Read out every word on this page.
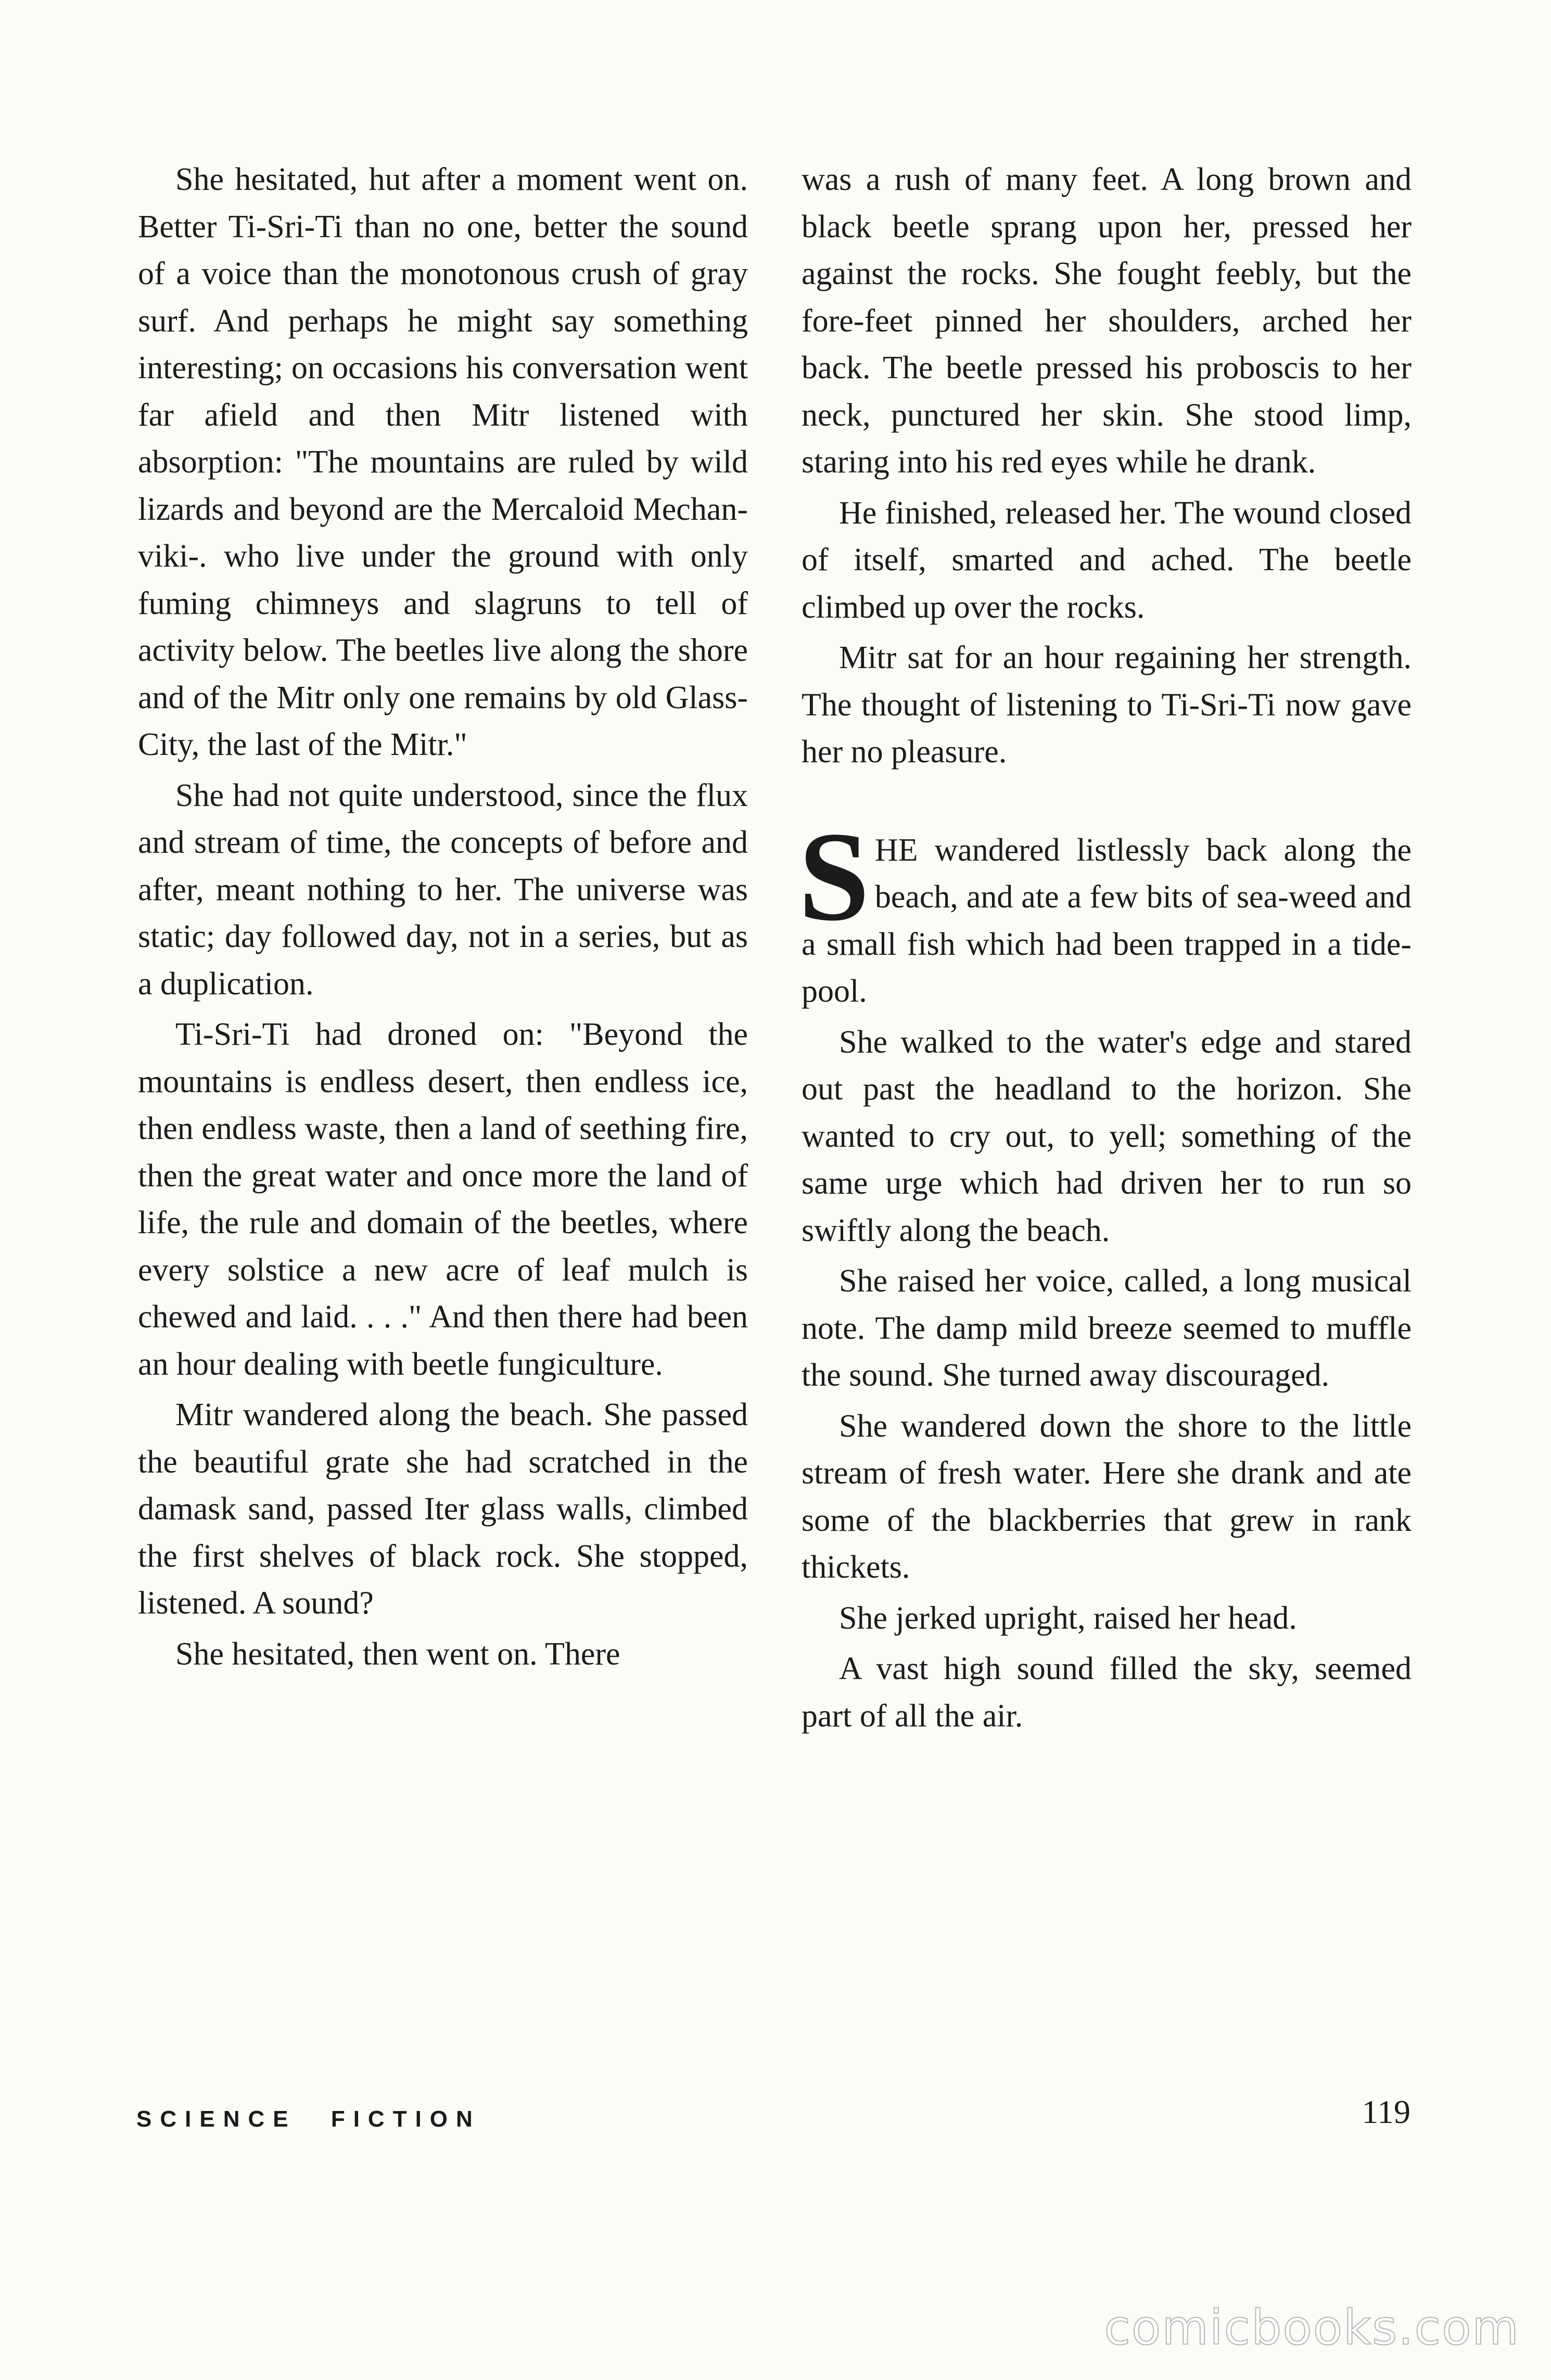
She hesitated, hut after a moment went on. Better Ti-Sri-Ti than no one, better the sound of a voice than the monotonous crush of gray surf. And perhaps he might say something interesting; on occasions his conversation went far afield and then Mitr listened with absorption: "The mountains are ruled by wild lizards and beyond are the Mercaloid Mechanviki-. who live under the ground with only fuming chimneys and slagruns to tell of activity below. The beetles live along the shore and of the Mitr only one remains by old Glass- City, the last of the Mitr."

She had not quite understood, since the flux and stream of time, the concepts of before and after, meant nothing to her. The universe was static; day followed day, not in a series, but as a duplication.

Ti-Sri-Ti had droned on: "Beyond the mountains is endless desert, then endless ice, then endless waste, then a land of seething fire, then the great water and once more the land of life, the rule and domain of the beetles, where every solstice a new acre of leaf mulch is chewed and laid. . . ." And then there had been an hour dealing with beetle fungiculture.

Mitr wandered along the beach. She passed the beautiful grate she had scratched in the damask sand, passed Iter glass walls, climbed the first shelves of black rock. She stopped, listened. A sound?

She hesitated, then went on. There

was a rush of many feet. A long brown and black beetle sprang upon her, pressed her against the rocks. She fought feebly, but the fore-feet pinned her shoulders, arched her back. The beetle pressed his proboscis to her neck, punctured her skin. She stood limp, staring into his red eyes while he drank.

He finished, released her. The wound closed of itself, smarted and ached. The beetle climbed up over the rocks.

Mitr sat for an hour regaining her strength. The thought of listening to Ti-Sri-Ti now gave her no pleasure.

SHE wandered listlessly back along the beach, and ate a few bits of sea-weed and a small fish which had been trapped in a tidepool.

She walked to the water's edge and stared out past the headland to the horizon. She wanted to cry out, to yell; something of the same urge which had driven her to run so swiftly along the beach.

She raised her voice, called, a long musical note. The damp mild breeze seemed to muffle the sound. She turned away discouraged.

She wandered down the shore to the little stream of fresh water. Here she drank and ate some of the blackberries that grew in rank thickets.

She jerked upright, raised her head.

A vast high sound filled the sky, seemed part of all the air.

SCIENCE FICTION	119
comicbooks.com
